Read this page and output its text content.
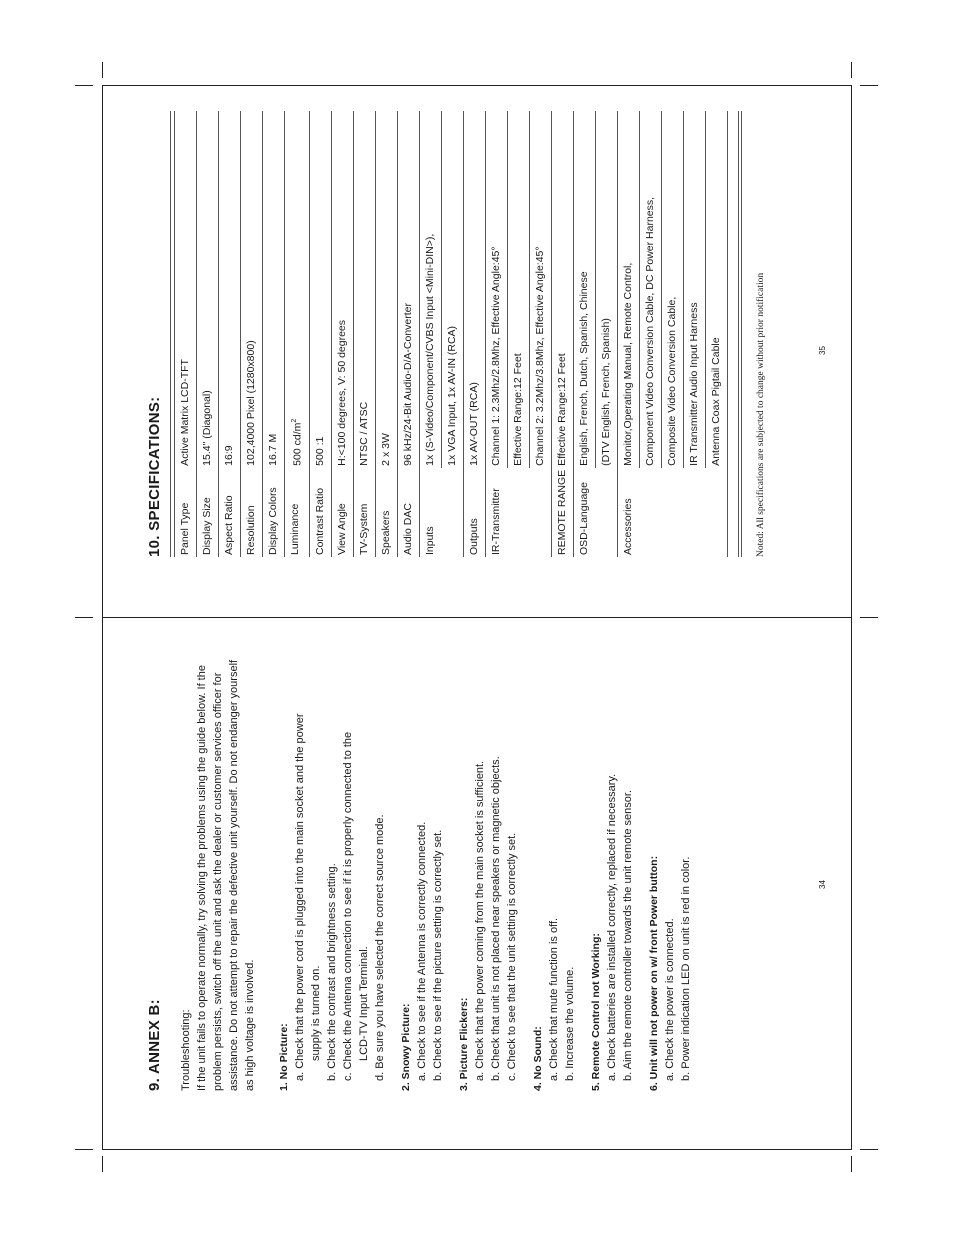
9. ANNEX B: Troubleshooting: If the unit fails to operate normally, try solving the problems using the guide below. If the problem persists, switch off the unit and ask the dealer or customer services officer for assistance. Do not attempt to repair the defective unit yourself. Do not endanger yourself as high voltage is involved. 1. No Picture: a. Check that the power cord is plugged into the main socket and the power supply is turned on. b. Check the contrast and brightness setting. c. Check the Antenna connection to see if it is properly connected to the LCD-TV Input Terminal. d. Be sure you have selected the correct source mode. 2. Snowy Picture: a. Check to see if the Antenna is correctly connected. b. Check to see if the picture setting is correctly set. 3. Picture Flickers: a. Check that the power coming from the main socket is sufficient. b. Check that unit is not placed near speakers or magnetic objects. c. Check to see that the unit setting is correctly set. 4. No Sound: a. Check that mute function is off. b. Increase the volume. 5. Remote Control not Working: a. Check batteries are installed correctly, replaced if necessary. b. Aim the remote controller towards the unit remote sensor. 6. Unit will not power on w/ front Power button: a. Check the power is connected. b. Power indication LED on unit is red in color.	34
10. SPECIFICATIONS: Panel Type	Active Matrix LCD-TFT
Display Size	15.4" (Diagonal)
Aspect Ratio	16:9
Resolution	102,4000 Pixel (1280x800)
Display Colors	16.7 M
Luminance	500 $cd/m^2$
Contrast Ratio	500 :1
View Angle	H:<100 degrees, V: 50 degrees
TV-System	NTSC / ATSC
Speakers	2 x 3W
Audio DAC	96 kHz/24-Bit Audio-D/A-Converter
Inputs	1x (S-Video/Component/CVBS Input <Mini-DIN>),
	1x VGA Input, 1x AV-IN (RCA)
Outputs	1x AV-OUT (RCA)
IR-Transmitter	Channel 1: 2.3Mhz/2.8Mhz, Effective Angle:45°
	Effective Range:12 Feet
	Channel 2: 3.2Mhz/3.8Mhz, Effective Angle:45°
REMOTE RANGE	Effective Range:12 Feet
OSD-Language	English, French, Dutch, Spanish, Chinese
	(DTV English, French, Spanish)
Accessories	Monitor,Operating Manual, Remote Control,
	Component Video Conversion Cable, DC Power Harness,
	Composite Video Conversion Cable,
	IR Transmitter Audio Input Harness
	Antenna Coax Pigtail Cable	Noted: All specifications are subjected to change without prior notification	35
